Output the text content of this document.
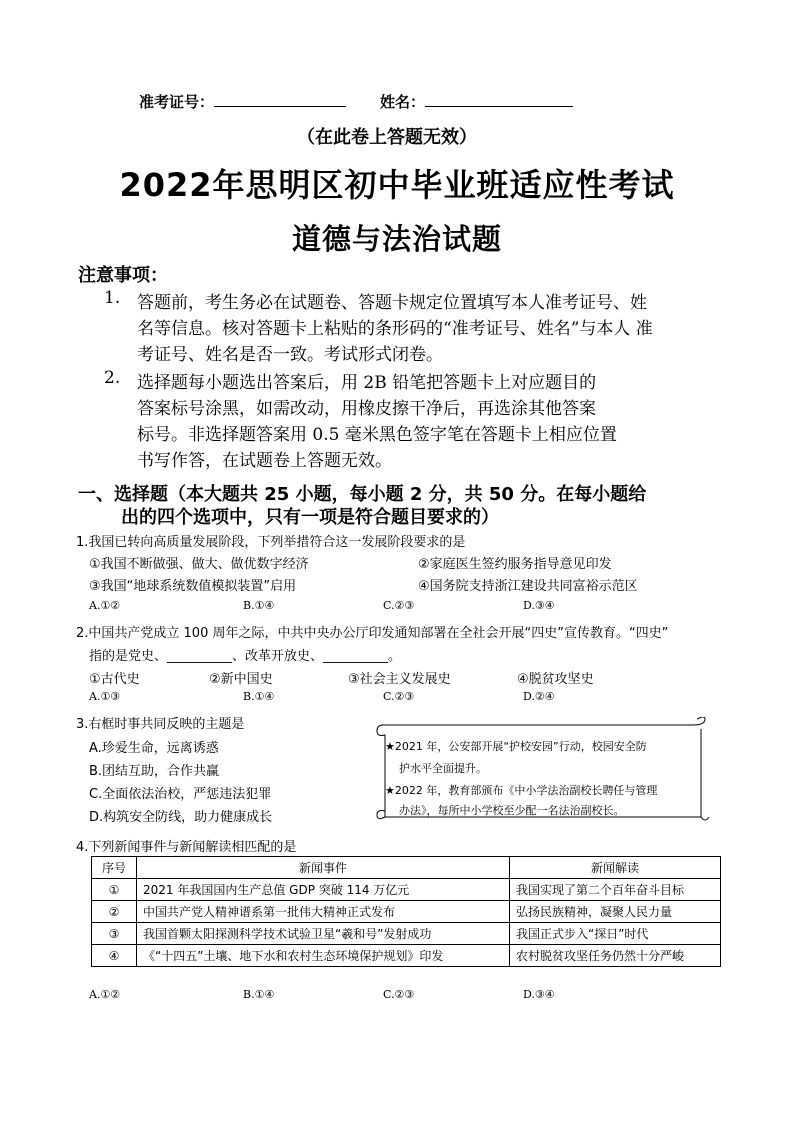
准考证号：	姓名：
（在此卷上答题无效）
2022年思明区初中毕业班适应性考试
道德与法治试题
注意事项：
1. 答题前，考生务必在试题卷、答题卡规定位置填写本人准考证号、姓
名等信息。核对答题卡上粘贴的条形码的“准考证号、姓名”与本人 准
考证号、姓名是否一致。考试形式闭卷。
2. 选择题每小题选出答案后，用 2B 铅笔把答题卡上对应题目的
答案标号涂黑，如需改动，用橡皮擦干净后，再选涂其他答案
标号。非选择题答案用 0.5 毫米黑色签字笔在答题卡上相应位置
书写作答，在试题卷上答题无效。
一、选择题（本大题共 25 小题，每小题 2 分，共 50 分。在每小题给
出的四个选项中，只有一项是符合题目要求的）
1.我国已转向高质量发展阶段，下列举措符合这一发展阶段要求的是
①我国不断做强、做大、做优数字经济	②家庭医生签约服务指导意见印发
③我国“地球系统数值模拟装置”启用	④国务院支持浙江建设共同富裕示范区
A.①②	B.①④	C.②③	D.③④
2.中国共产党成立 100 周年之际，中共中央办公厅印发通知部署在全社会开展“四史”宣传教育。“四史”
指的是党史、__________、改革开放史、__________。
①古代史	②新中国史	③社会主义发展史	④脱贫攻坚史
A.①③	B.①④	C.②③	D.②④
3.右框时事共同反映的主题是
A.珍爱生命，远离诱惑
B.团结互助，合作共赢
C.全面依法治校，严惩违法犯罪
D.构筑安全防线，助力健康成长
★2021 年，公安部开展“护校安园”行动，校园安全防
护水平全面提升。
★2022 年，教育部颁布《中小学法治副校长聘任与管理
办法》，每所中小学校至少配一名法治副校长。
4.下列新闻事件与新闻解读相匹配的是
序号	新闻事件	新闻解读
①	2021 年我国国内生产总值 GDP 突破 114 万亿元	我国实现了第二个百年奋斗目标
②	中国共产党人精神谱系第一批伟大精神正式发布	弘扬民族精神，凝聚人民力量
③	我国首颗太阳探测科学技术试验卫星“羲和号”发射成功	我国正式步入“探日”时代
④	《“十四五”土壤、地下水和农村生态环境保护规划》印发	农村脱贫攻坚任务仍然十分严峻
A.①②	B.①④	C.②③	D.③④
